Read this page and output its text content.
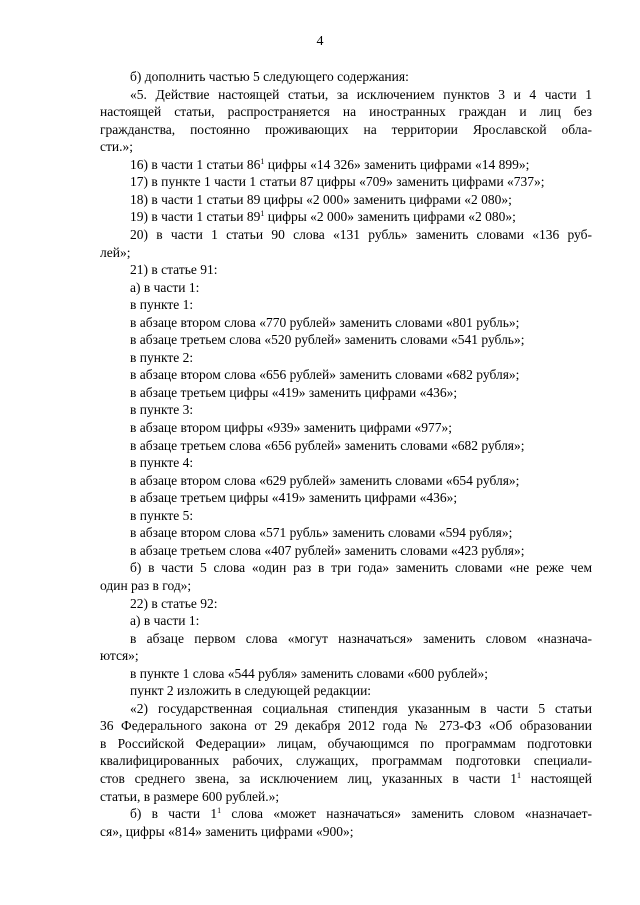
4
б) дополнить частью 5 следующего содержания:
«5. Действие настоящей статьи, за исключением пунктов 3 и 4 части 1
настоящей статьи, распространяется на иностранных граждан и лиц без
гражданства, постоянно проживающих на территории Ярославской обла-
сти.»;
16) в части 1 статьи $86^1$ цифры «14 326» заменить цифрами «14 899»;
17) в пункте 1 части 1 статьи 87 цифры «709» заменить цифрами «737»;
18) в части 1 статьи 89 цифры «2 000» заменить цифрами «2 080»;
19) в части 1 статьи $89^1$ цифры «2 000» заменить цифрами «2 080»;
20) в части 1 статьи 90 слова «131 рубль» заменить словами «136 руб-
лей»;
21) в статье 91:
а) в части 1:
в пункте 1:
в абзаце втором слова «770 рублей» заменить словами «801 рубль»;
в абзаце третьем слова «520 рублей» заменить словами «541 рубль»;
в пункте 2:
в абзаце втором слова «656 рублей» заменить словами «682 рубля»;
в абзаце третьем цифры «419» заменить цифрами «436»;
в пункте 3:
в абзаце втором цифры «939» заменить цифрами «977»;
в абзаце третьем слова «656 рублей» заменить словами «682 рубля»;
в пункте 4:
в абзаце втором слова «629 рублей» заменить словами «654 рубля»;
в абзаце третьем цифры «419» заменить цифрами «436»;
в пункте 5:
в абзаце втором слова «571 рубль» заменить словами «594 рубля»;
в абзаце третьем слова «407 рублей» заменить словами «423 рубля»;
б) в части 5 слова «один раз в три года» заменить словами «не реже чем
один раз в год»;
22) в статье 92:
а) в части 1:
в абзаце первом слова «могут назначаться» заменить словом «назнача-
ются»;
в пункте 1 слова «544 рубля» заменить словами «600 рублей»;
пункт 2 изложить в следующей редакции:
«2) государственная социальная стипендия указанным в части 5 статьи
36 Федерального закона от 29 декабря 2012 года № 273-ФЗ «Об образовании
в Российской Федерации» лицам, обучающимся по программам подготовки
квалифицированных рабочих, служащих, программам подготовки специали-
стов среднего звена, за исключением лиц, указанных в части $1^1$ настоящей
статьи, в размере 600 рублей.»;
б) в части $1^1$ слова «может назначаться» заменить словом «назначает-
ся», цифры «814» заменить цифрами «900»;
